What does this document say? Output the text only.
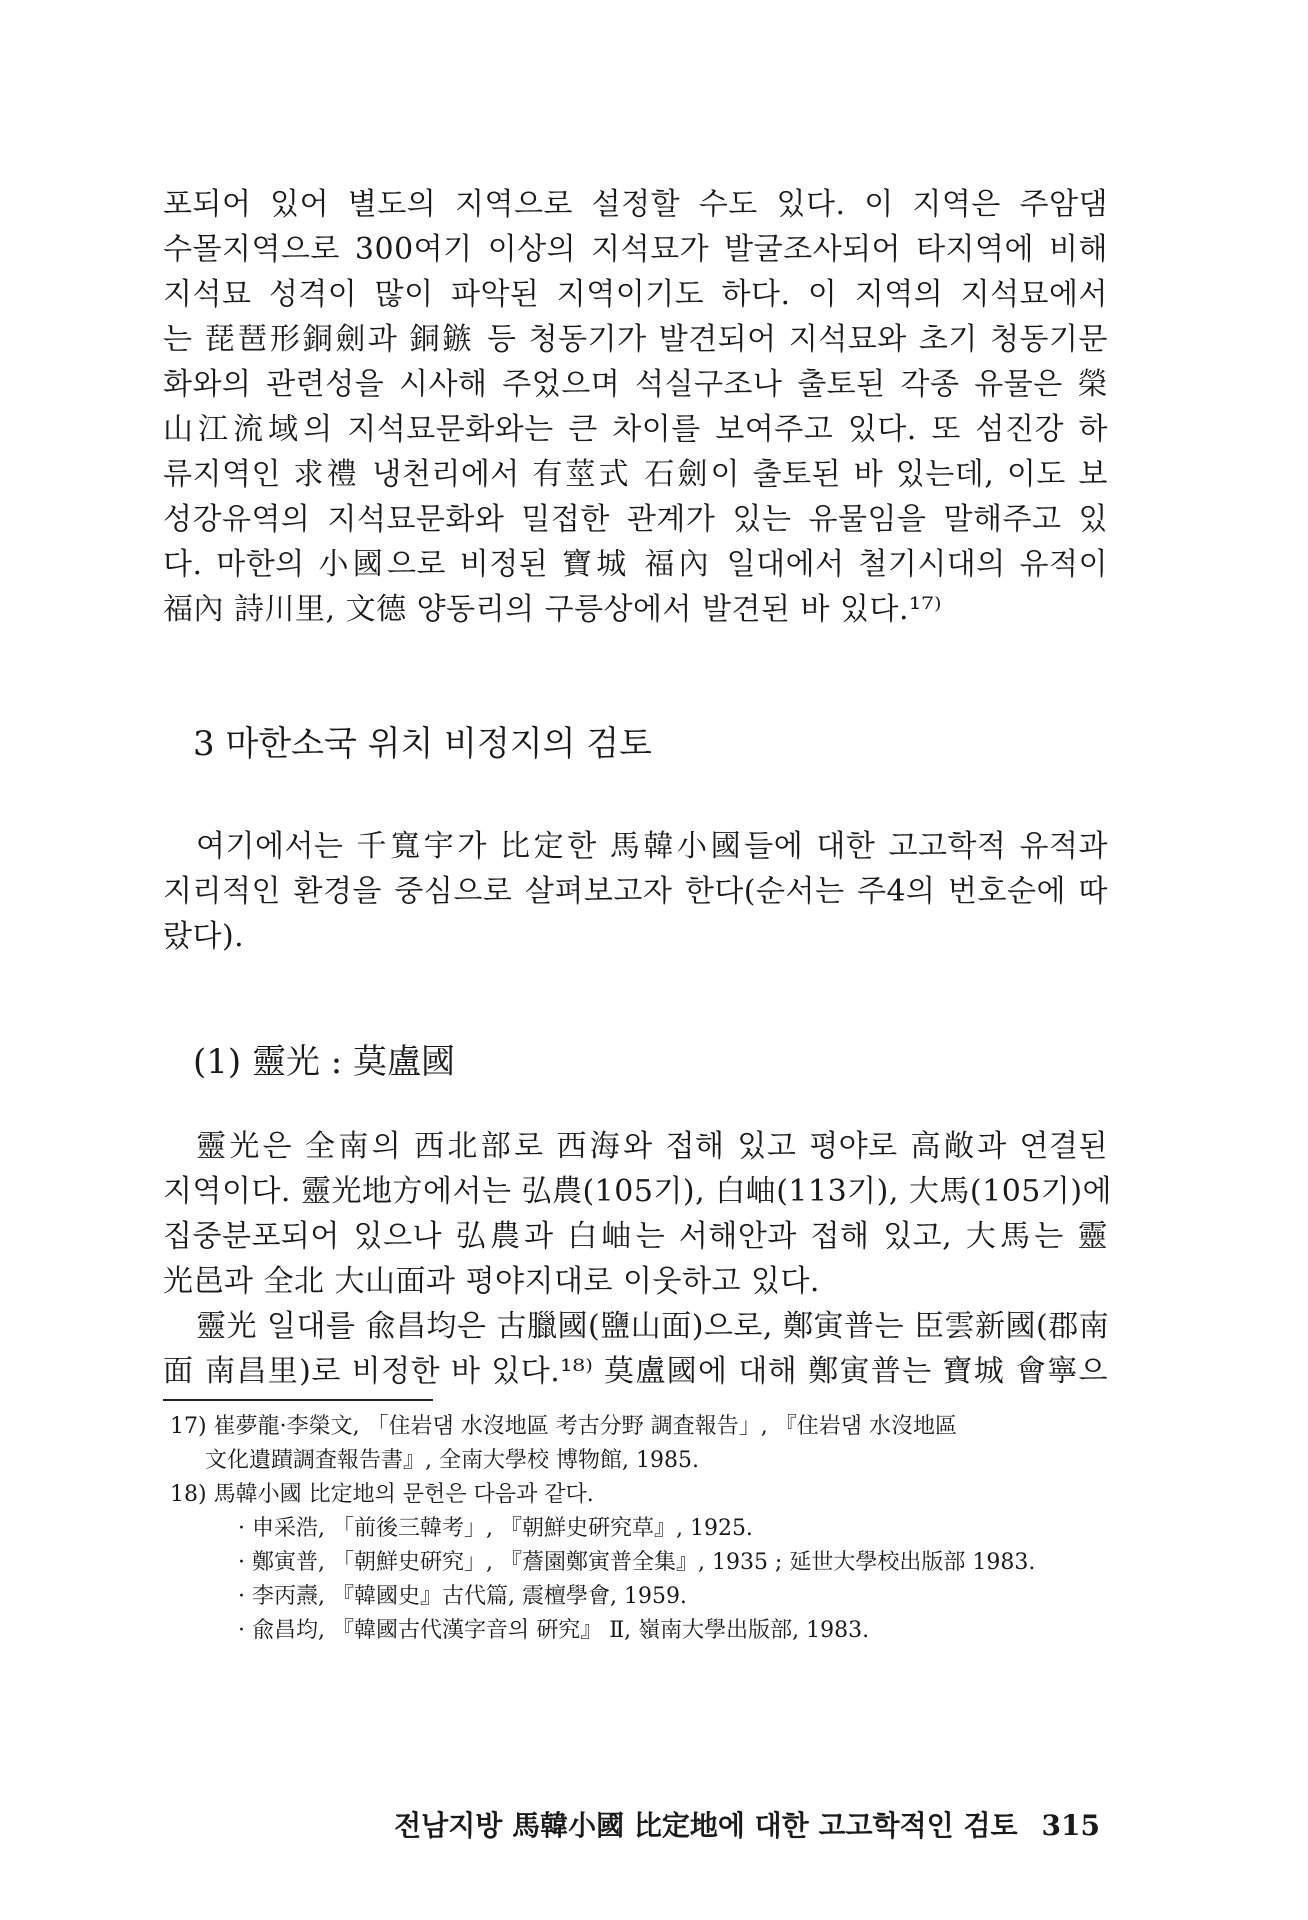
포되어 있어 별도의 지역으로 설정할 수도 있다. 이 지역은 주암댐
수몰지역으로 300여기 이상의 지석묘가 발굴조사되어 타지역에 비해
지석묘 성격이 많이 파악된 지역이기도 하다. 이 지역의 지석묘에서
는 琵琶形銅劍과 銅鏃 등 청동기가 발견되어 지석묘와 초기 청동기문
화와의 관련성을 시사해 주었으며 석실구조나 출토된 각종 유물은 榮
山江流域의 지석묘문화와는 큰 차이를 보여주고 있다. 또 섬진강 하
류지역인 求禮 냉천리에서 有莖式 石劍이 출토된 바 있는데, 이도 보
성강유역의 지석묘문화와 밀접한 관계가 있는 유물임을 말해주고 있
다. 마한의 小國으로 비정된 寶城 福內 일대에서 철기시대의 유적이
福內 詩川里, 文德 양동리의 구릉상에서 발견된 바 있다.¹⁷⁾
3 마한소국 위치 비정지의 검토
여기에서는 千寬宇가 比定한 馬韓小國들에 대한 고고학적 유적과
지리적인 환경을 중심으로 살펴보고자 한다(순서는 주4의 번호순에 따
랐다).
(1) 靈光 : 莫盧國
靈光은 全南의 西北部로 西海와 접해 있고 평야로 高敞과 연결된
지역이다. 靈光地方에서는 弘農(105기), 白岫(113기), 大馬(105기)에
집중분포되어 있으나 弘農과 白岫는 서해안과 접해 있고, 大馬는 靈
光邑과 全北 大山面과 평야지대로 이웃하고 있다.
靈光 일대를 兪昌均은 古臘國(鹽山面)으로, 鄭寅普는 臣雲新國(郡南
面 南昌里)로 비정한 바 있다.¹⁸⁾ 莫盧國에 대해 鄭寅普는 寶城 會寧으
17) 崔夢龍·李榮文, 「住岩댐 水沒地區 考古分野 調査報告」, 『住岩댐 水沒地區
文化遺蹟調査報告書』, 全南大學校 博物館, 1985.
18) 馬韓小國 比定地의 문헌은 다음과 같다.
· 申采浩, 「前後三韓考」, 『朝鮮史硏究草』, 1925.
· 鄭寅普, 「朝鮮史硏究」, 『薝園鄭寅普全集』, 1935 ; 延世大學校出版部 1983.
· 李丙燾, 『韓國史』古代篇, 震檀學會, 1959.
· 兪昌均, 『韓國古代漢字音의 硏究』 Ⅱ, 嶺南大學出版部, 1983.
전남지방 馬韓小國 比定地에 대한 고고학적인 검토 315
